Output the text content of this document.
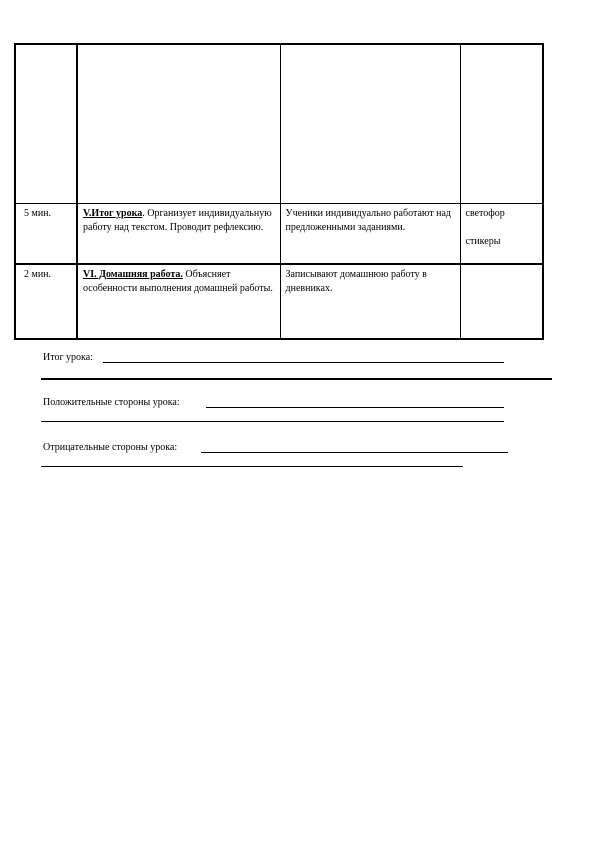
5 мин.	V.Итог урока. Организует индивидуальную работу над текстом. Проводит рефлексию.	Ученики индивидуально работают над предложенными заданиями.	светофор
стикеры

2 мин.	VI. Домашняя работа. Объясняет особенности выполнения домашней работы.	Записывают домашнюю работу в дневниках.	
Итог урока:
Положительные стороны урока:
Отрицательные стороны урока:
